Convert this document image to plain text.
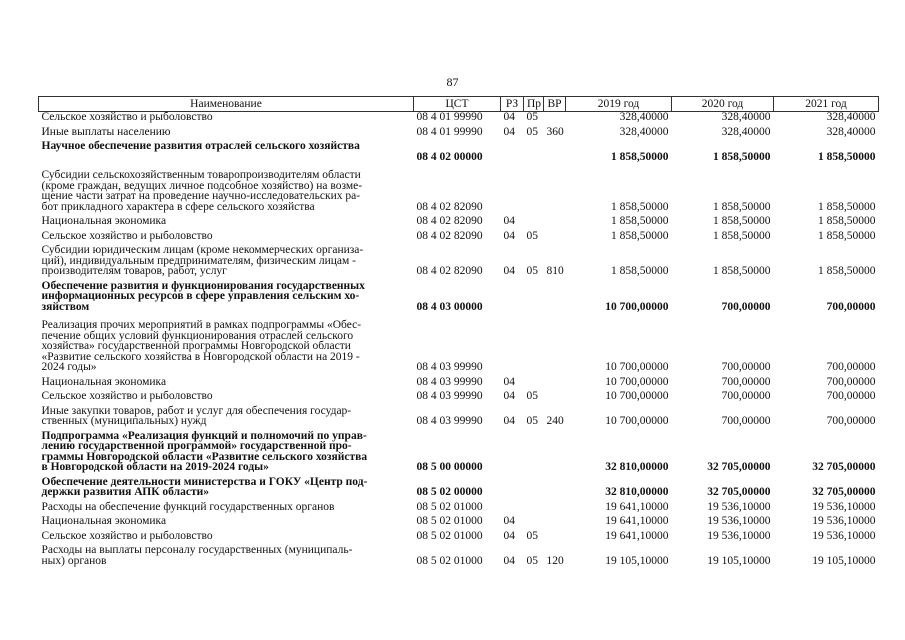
87
Наименование	ЦСТ	РЗ	Пр	ВР	2019 год	2020 год	2021 год
Сельское хозяйство и рыболовство	08 4 01 99990	04	05		328,40000	328,40000	328,40000
Иные выплаты населению	08 4 01 99990	04	05	360	328,40000	328,40000	328,40000

Научное обеспечение развития отраслей сельского хозяйства	08 4 02 00000				1 858,50000	1 858,50000	1 858,50000

Субсидии сельскохозяйственным товаропроизводителям области
(кроме граждан, ведущих личное подсобное хозяйство) на возме-
щение части затрат на проведение научно-исследовательских ра-
бот прикладного характера в сфере сельского хозяйства	08 4 02 82090				1 858,50000	1 858,50000	1 858,50000
Национальная экономика	08 4 02 82090	04			1 858,50000	1 858,50000	1 858,50000
Сельское хозяйство и рыболовство	08 4 02 82090	04	05		1 858,50000	1 858,50000	1 858,50000

Субсидии юридическим лицам (кроме некоммерческих организа-
ций), индивидуальным предпринимателям, физическим лицам -
производителям товаров, работ, услуг	08 4 02 82090	04	05	810	1 858,50000	1 858,50000	1 858,50000

Обеспечение развития и функционирования государственных
информационных ресурсов в сфере управления сельским хо-
зяйством	08 4 03 00000				10 700,00000	700,00000	700,00000

Реализация прочих мероприятий в рамках подпрограммы «Обес-
печение общих условий функционирования отраслей сельского
хозяйства» государственной программы Новгородской области
«Развитие сельского хозяйства в Новгородской области на 2019 -
2024 годы»	08 4 03 99990				10 700,00000	700,00000	700,00000
Национальная экономика	08 4 03 99990	04			10 700,00000	700,00000	700,00000
Сельское хозяйство и рыболовство	08 4 03 99990	04	05		10 700,00000	700,00000	700,00000

Иные закупки товаров, работ и услуг для обеспечения государ-
ственных (муниципальных) нужд	08 4 03 99990	04	05	240	10 700,00000	700,00000	700,00000

Подпрограмма «Реализация функций и полномочий по управ-
лению государственной программой» государственной про-
граммы Новгородской области «Развитие сельского хозяйства
в Новгородской области на 2019-2024 годы»	08 5 00 00000				32 810,00000	32 705,00000	32 705,00000

Обеспечение деятельности министерства и ГОКУ «Центр под-
держки развития АПК области»	08 5 02 00000				32 810,00000	32 705,00000	32 705,00000
Расходы на обеспечение функций государственных органов	08 5 02 01000				19 641,10000	19 536,10000	19 536,10000
Национальная экономика	08 5 02 01000	04			19 641,10000	19 536,10000	19 536,10000
Сельское хозяйство и рыболовство	08 5 02 01000	04	05		19 641,10000	19 536,10000	19 536,10000

Расходы на выплаты персоналу государственных (муниципаль-
ных) органов	08 5 02 01000	04	05	120	19 105,10000	19 105,10000	19 105,10000
